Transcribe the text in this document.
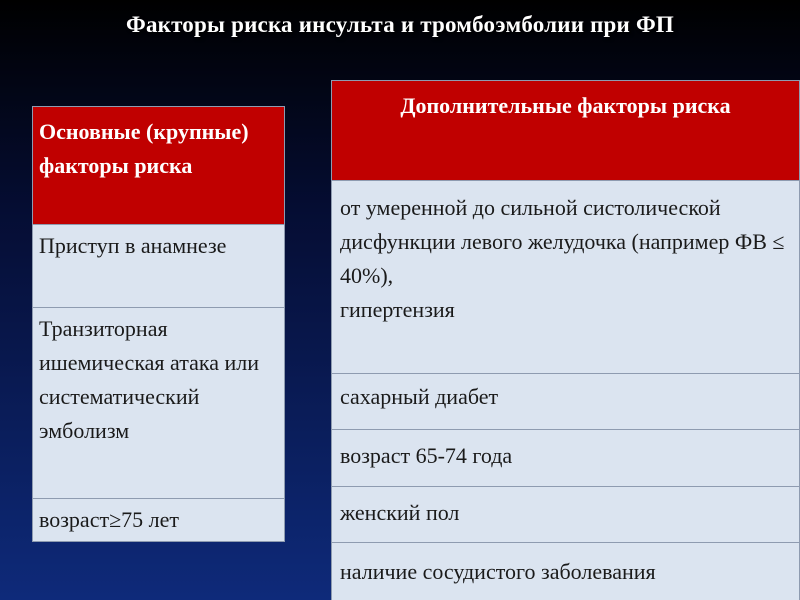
Факторы риска инсульта и тромбоэмболии при ФП
Основные (крупные) факторы риска
Приступ в анамнезе
Транзиторная ишемическая атака или систематический эмболизм
возраст≥75 лет
Дополнительные факторы риска
от умеренной до сильной систолической дисфункции левого желудочка (например ФВ ≤ 40%),
гипертензия
сахарный диабет
возраст 65-74 года
женский пол
наличие сосудистого заболевания
